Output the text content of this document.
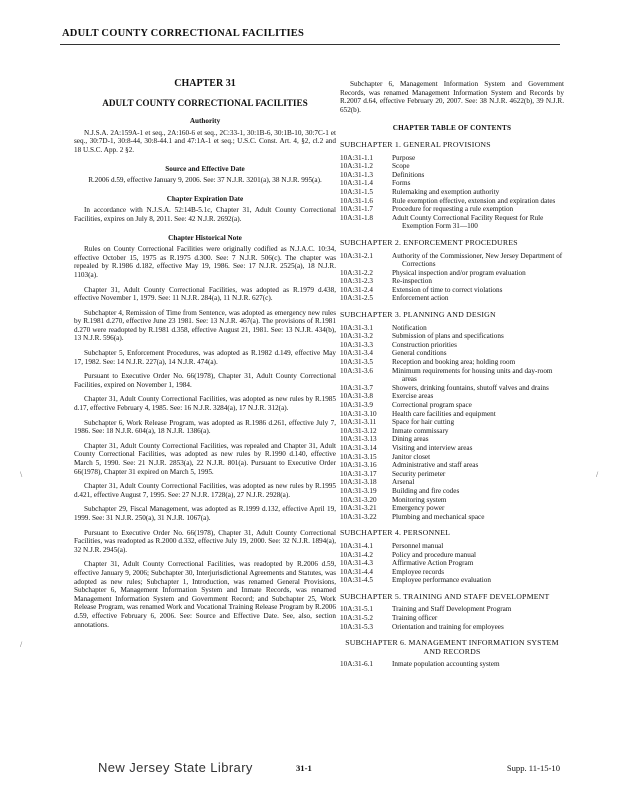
ADULT COUNTY CORRECTIONAL FACILITIES
CHAPTER 31
ADULT COUNTY CORRECTIONAL FACILITIES
Authority

N.J.S.A. 2A:159A-1 et seq., 2A:160-6 et seq., 2C:33-1, 30:1B-6, 30:1B-10, 30:7C-1 et seq., 30:7D-1, 30:8-44, 30:8-44.1 and 47:1A-1 et seq.; U.S.C. Const. Art. 4, §2, cl.2 and 18 U.S.C. App. 2 §2.

Source and Effective Date

R.2006 d.59, effective January 9, 2006. See: 37 N.J.R. 3201(a), 38 N.J.R. 995(a).

Chapter Expiration Date

In accordance with N.J.S.A. 52:14B-5.1c, Chapter 31, Adult County Correctional Facilities, expires on July 8, 2011. See: 42 N.J.R. 2692(a).

Chapter Historical Note

Rules on County Correctional Facilities were originally codified as N.J.A.C. 10:34, effective October 15, 1975 as R.1975 d.300. See: 7 N.J.R. 506(c). The chapter was repealed by R.1986 d.182, effective May 19, 1986. See: 17 N.J.R. 2525(a), 18 N.J.R. 1103(a).

Chapter 31, Adult County Correctional Facilities, was adopted as R.1979 d.438, effective November 1, 1979. See: 11 N.J.R. 284(a), 11 N.J.R. 627(c).

Subchapter 4, Remission of Time from Sentence, was adopted as emergency new rules by R.1981 d.270, effective June 23 1981. See: 13 N.J.R. 467(a). The provisions of R.1981 d.270 were readopted by R.1981 d.358, effective August 21, 1981. See: 13 N.J.R. 434(b), 13 N.J.R. 596(a).

Subchapter 5, Enforcement Procedures, was adopted as R.1982 d.149, effective May 17, 1982. See: 14 N.J.R. 227(a), 14 N.J.R. 474(a).

Pursuant to Executive Order No. 66(1978), Chapter 31, Adult County Correctional Facilities, expired on November 1, 1984.

Chapter 31, Adult County Correctional Facilities, was adopted as new rules by R.1985 d.17, effective February 4, 1985. See: 16 N.J.R. 3284(a), 17 N.J.R. 312(a).

Subchapter 6, Work Release Program, was adopted as R.1986 d.261, effective July 7, 1986. See: 18 N.J.R. 604(a), 18 N.J.R. 1386(a).

Chapter 31, Adult County Correctional Facilities, was repealed and Chapter 31, Adult County Correctional Facilities, was adopted as new rules by R.1990 d.140, effective March 5, 1990. See: 21 N.J.R. 2853(a), 22 N.J.R. 801(a). Pursuant to Executive Order 66(1978), Chapter 31 expired on March 5, 1995.

Chapter 31, Adult County Correctional Facilities, was adopted as new rules by R.1995 d.421, effective August 7, 1995. See: 27 N.J.R. 1728(a), 27 N.J.R. 2928(a).

Subchapter 29, Fiscal Management, was adopted as R.1999 d.132, effective April 19, 1999. See: 31 N.J.R. 250(a), 31 N.J.R. 1067(a).

Pursuant to Executive Order No. 66(1978), Chapter 31, Adult County Correctional Facilities, was readopted as R.2000 d.332, effective July 19, 2000. See: 32 N.J.R. 1894(a), 32 N.J.R. 2945(a).

Chapter 31, Adult County Correctional Facilities, was readopted by R.2006 d.59, effective January 9, 2006; Subchapter 30, Interjurisdictional Agreements and Statutes, was adopted as new rules; Subchapter 1, Introduction, was renamed General Provisions, Subchapter 6, Management Information System and Inmate Records, was renamed Management Information System and Government Record; and Subchapter 25, Work Release Program, was renamed Work and Vocational Training Release Program by R.2006 d.59, effective February 6, 2006. See: Source and Effective Date. See, also, section annotations.

Subchapter 6, Management Information System and Government Records, was renamed Management Information System and Records by R.2007 d.64, effective February 20, 2007. See: 38 N.J.R. 4622(b), 39 N.J.R. 652(b).

CHAPTER TABLE OF CONTENTS
SUBCHAPTER 1. GENERAL PROVISIONS
10A:31-1.1	Purpose
10A:31-1.2	Scope
10A:31-1.3	Definitions
10A:31-1.4	Forms
10A:31-1.5	Rulemaking and exemption authority
10A:31-1.6	Rule exemption effective, extension and expiration dates
10A:31-1.7	Procedure for requesting a rule exemption
10A:31-1.8	Adult County Correctional Facility Request for Rule Exemption Form 31—100
SUBCHAPTER 2. ENFORCEMENT PROCEDURES
10A:31-2.1	Authority of the Commissioner, New Jersey Department of Corrections
10A:31-2.2	Physical inspection and/or program evaluation
10A:31-2.3	Re-inspection
10A:31-2.4	Extension of time to correct violations
10A:31-2.5	Enforcement action
SUBCHAPTER 3. PLANNING AND DESIGN
10A:31-3.1	Notification
10A:31-3.2	Submission of plans and specifications
10A:31-3.3	Construction priorities
10A:31-3.4	General conditions
10A:31-3.5	Reception and booking area; holding room
10A:31-3.6	Minimum requirements for housing units and day-room areas
10A:31-3.7	Showers, drinking fountains, shutoff valves and drains
10A:31-3.8	Exercise areas
10A:31-3.9	Correctional program space
10A:31-3.10	Health care facilities and equipment
10A:31-3.11	Space for hair cutting
10A:31-3.12	Inmate commissary
10A:31-3.13	Dining areas
10A:31-3.14	Visiting and interview areas
10A:31-3.15	Janitor closet
10A:31-3.16	Administrative and staff areas
10A:31-3.17	Security perimeter
10A:31-3.18	Arsenal
10A:31-3.19	Building and fire codes
10A:31-3.20	Monitoring system
10A:31-3.21	Emergency power
10A:31-3.22	Plumbing and mechanical space
SUBCHAPTER 4. PERSONNEL
10A:31-4.1	Personnel manual
10A:31-4.2	Policy and procedure manual
10A:31-4.3	Affirmative Action Program
10A:31-4.4	Employee records
10A:31-4.5	Employee performance evaluation
SUBCHAPTER 5. TRAINING AND STAFF DEVELOPMENT
10A:31-5.1	Training and Staff Development Program
10A:31-5.2	Training officer
10A:31-5.3	Orientation and training for employees
SUBCHAPTER 6. MANAGEMENT INFORMATION SYSTEM AND RECORDS
10A:31-6.1	Inmate population accounting system
\	/
/
New Jersey State Library	31-1	Supp. 11-15-10
